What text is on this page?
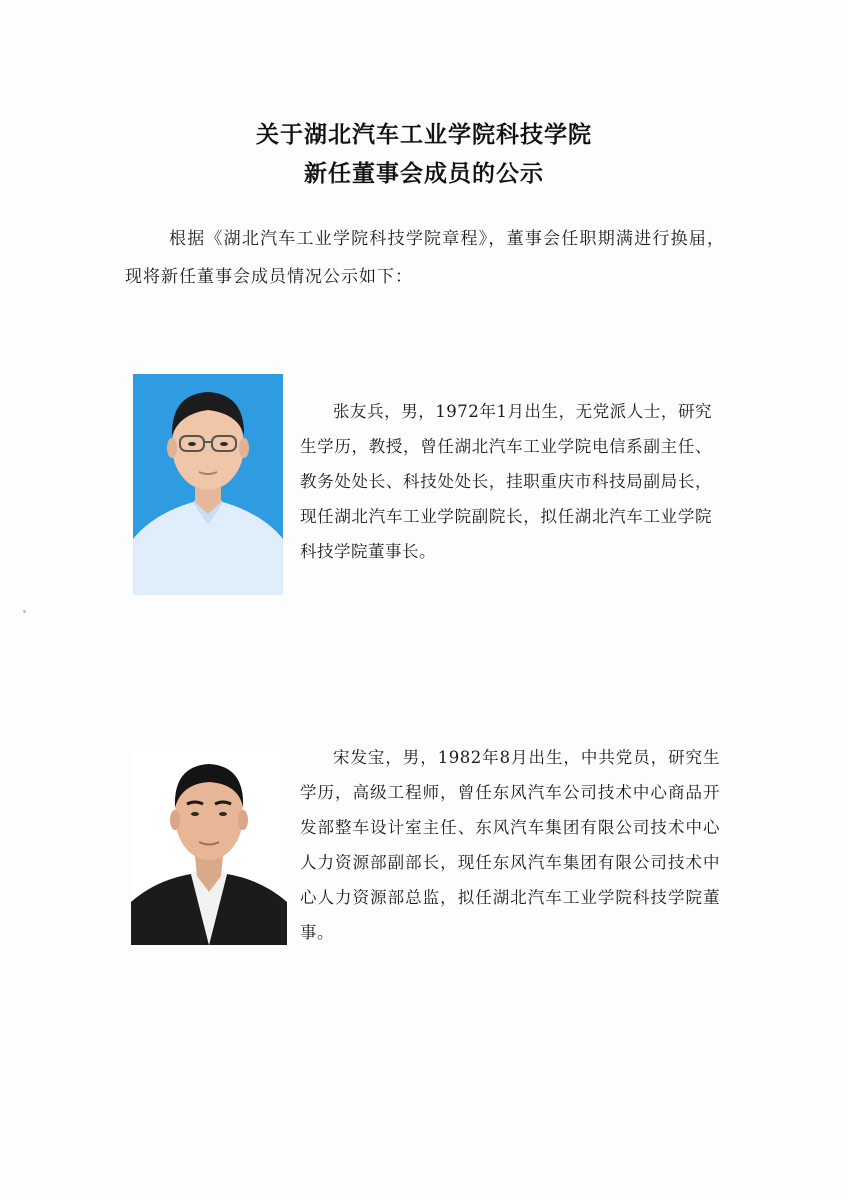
关于湖北汽车工业学院科技学院
新任董事会成员的公示

根据《湖北汽车工业学院科技学院章程》，董事会任职期满进行换届，现将新任董事会成员情况公示如下：

张友兵，男，1972年1月出生，无党派人士，研究生学历，教授，曾任湖北汽车工业学院电信系副主任、教务处处长、科技处处长，挂职重庆市科技局副局长，现任湖北汽车工业学院副院长，拟任湖北汽车工业学院科技学院董事长。

宋发宝，男，1982年8月出生，中共党员，研究生学历，高级工程师，曾任东风汽车公司技术中心商品开发部整车设计室主任、东风汽车集团有限公司技术中心人力资源部副部长，现任东风汽车集团有限公司技术中心人力资源部总监，拟任湖北汽车工业学院科技学院董事。
